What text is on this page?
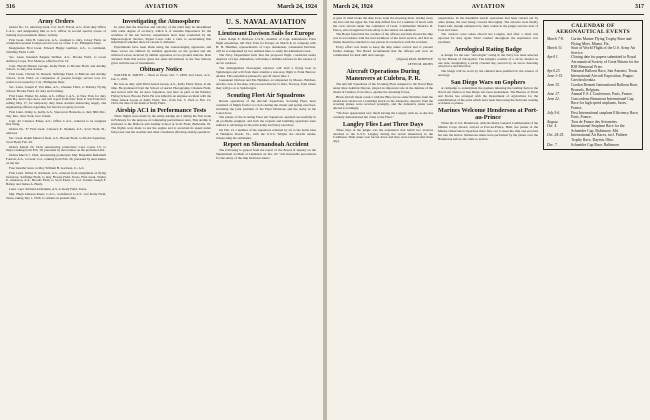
316	AVIATION	March 24, 1924
Army Orders

Orders No. 31, relieving Lieut. Col. Ira F. Fravel, A.S., from duty Office C.A.S., and designating him as A.S. officer in second special course of training in procurement duties, vicinity.

First Lieut. John B. Glascock, A.S., assigned to duty, Crissy Field, on completion present foreign service tour, by order, C.O., Philippine Dept.

Designation First Lieut. Edward Higley Guilbert, A.S., to command, Schilling Field, Calif.

Sec. Lieut. Kenneth Eugene Webber, A.S., Brooks Field, to Coast Artillery Corps, Fort Monroe, effective Feb. 19.

Capt. Harold Huston George, Kelly Field, to Brooks Field, and Airship School, to duty, that station.

First Lieut. Clinton W. Russell, Selfridge Field, to Balloon and Airship School, Scott Field, on completion of present foreign service tour, for orders to be issued by C.O., Philippine Dept.

Sec. Lieut. Joseph P. Van Dike, A.S., Chanute Field, to Primary Flying School, Brooks Field, for duty and training.

First Lieut. Walter M. Allen, A.S., Office C.A.S., to New York for duty with Hq. 2nd Corps Area, and will report from New York to San Francisco sailing May 17, for temporary duty these stations instructing supply and engineering officers regarding Air Service property records.

First Lieut. Odley G. Kelly, A.S., Vancouver Barracks, to duty 86th Div., Org. Res., New York, Gov. Island.

Capt. Ira Clarence Eaker, A.S., Office C.A.S., relieved to be assigned first Wing.

Orders No. 37 First Lieut. Clarence E. Shankle, A.S., Scott Field, Ill., relieved.

Sec. Lieut. Ralph Manicor Neal, A.S., Brooks Field, to 4th Air Squadron, Scott Field, Feb. 29.

Orders March 20, 1924, announcing promotion: Capt. Cyrus J.S. to major ranking from Feb. 19, preceded by next names on the promotion list.

Orders March 7, 1924, announcing promotion: Maj. Benjamin Dellashell Foulois, A.S., to Lieut. Col., ranking from Feb. 29, preceded by next names on the list.

Four months' leave to Maj. William H. Garrison, Jr., A.S.

First Lieut. Walter E. Richards, A.S., relieved from assignment as flying instructor, Selfridge Field, to duty Brooks Field, Texas. First Lieut. Walter E. Anderson, A.S., Brooks Field, to Scott Field, Lt. Col. Jerome Joseph F. Bailey, and James A. Healy.

Lieut. Capt. Richard Aldwinkle, A.S. to Kelly Field, Texas.

Maj. Hugh Johnson Knerr, C.A.C., transferred to A.S. vice Kelly Field, Texas, taking July 1, 1926, to remain on present duty.

Investigating the Atmosphere

In order that the direction and velocity of the wind may be determined with some degree of accuracy, which is of extreme importance for the activities of the Air Service, experiments have been conducted by the Meteorological Section, Signal Corps with a view to ascertaining this information whether there be clouds or darkness.

Experiments have been made using the sound-ranging apparatus, and these waves are emitted by suitable apparatus on the ground and the reflected waves received by similar apparatus at two ground stations. Data obtained from this source gives the same information as the free balloon gives with the use of instruments.

Obituary Notice

WALTER R. SMITH — Born in Texas, Oct. 7, 1890; 2nd Lieut., A.S., Jan. 5, 1918.

He was on duty with Third Attack Group, A.S., Kelly Field, Texas, at the time. He graduated from the School of Aerial Photography, Chanute Field, and served with the 1st Aero Squadron, and later as pilot at the Primary Flying School, Brooks Field. He was killed in an airplane accident with the Third Attack Group at Kelly Field, Tex., from Jan. 5, 1924 to Feb. 15, 1924, the date of his death at Kelly Field.

Airship AC1 in Performance Tests

Three flights were made by the Army Airship AC1 during the first week in February for the purpose of completing performance tests. This airship is stationed at the Balloon and Airship School at Scott Field, Belleville, Ill. The flights were made to test the engine and to ascertain its speed under full power and the weather and other conditions affecting airship operation.

U. S. NAVAL AVIATION
Lieutenant Davison Sails for Europe

Lieut. Ralph E. Davison, U.S.N., member of Capt. Amundsen's Polar flight expedition, left New York for Europe on March 8, in company with H. H. Hammer, representative of Capt. Amundsen. Lieutenant Davison, will be accompanied by two enlisted men, to study the Amundsen route.

The Navy Department feels that the proposed flight, conducted under auspices of Capt. Amundsen, will make a definite advance in the science of Arctic aviation.

The distinguished Norwegian explorer will land a flying boat in Spitsbergen and will from there attempt a non-stop flight to Point Barrow, Alaska. This expedition planned to get off about June 1.

Lieutenant Davison and Mr. Hammer, accompanied by Messrs. Balchen, and the crew of the ship, will proceed directly to Oslo, Norway, from where they will go on to Spitsbergen.

Scouting Fleet Air Squadrons

Recent operations of the Aircraft Squadrons, Scouting Fleet, have consisted of flights from Coco Solo during the winter and spring exercises, including the joint problem of the Fleet Divisions and the Army in the Canal Zone.

The planes of the Scouting Fleet Air Squadrons operated successfully in all problems assigned, and both the torpedo and bombing squadrons were utilized to advantage in the joint Army and Navy exercises.

On Feb. 21 a number of the squadrons returned by air to the home base at Hampton Roads, Va., with the U.S.S. Wright, the aircraft tender, transporting the remainder.

Report on Shenandoah Accident

The following is quoted from the report of the Board of Inquiry on the Shenandoah accident at Lakehurst on Jan. 16: "All reasonable precautions for the safety of the ship had been taken."

March 24, 1924	AVIATION	317

A gust of wind broke the ship loose from the mooring mast, tearing away the bow and the upper fin. The ship drifted free for a number of hours with the crew aboard under the command of Lieut. Commander Maurice R. Pierce, who brought her back safely to the station at Lakehurst.

The Board found that the conduct of the officers and men aboard the ship was in accordance with the best traditions of the naval service, and that no blame should be attached to any person in connection with the accident.

Every effort was made to keep the ship under control and to prevent further damage. The Board recommends that the officers and crew be commended for their skill and courage.

(Signed) PAUL PATIENCE

LEVIN M. OKINS

Aircraft Operations During Maneuvers at Culebra, P. R.

The Aircraft Squadrons of the Scouting Fleet assigned to the Naval Base under Rear Admiral Dayton, played an important role in the defense of the island of Culebra, Porto Rico, against the attacking forces.

Black aircraft made contact with the Blue forces some 90 miles from the island and carried out a bombing attack on the transports. Reports from the scouting planes were received promptly, and the defensive plans were altered accordingly.

"We have appreciated very much having the Langley with us, as she has certainly demonstrated her value to the Fleet."

Langley Flies Last Three Days

Three days in the jungle was the experience that befell two aviators attached to the U.S.S. Langley during the recent maneuvers in the Caribbean. Their plane was forced down and they were rescued after three days.

experiences. In the meantime search operations had been carried out by other planes, the area being covered thoroughly. The aviators were finally found safe, though exhausted by their ordeal in the jungle and the lack of food and water.

The aviators were taken aboard the Langley and after a short rest reported for duty again. Their conduct throughout the experience was excellent.

Aerological Rating Badge

A design for the new "Aerologist" rating in the Navy has been selected by the Bureau of Navigation. The insignia consists of a circle, shaded on one side, designating a partly clouded sky, pierced by an arrow denoting wind force and direction.

The badge will be worn by the enlisted men qualified in the science of aerology.

San Diego Wars on Gophers

A campaign to exterminate the gophers infesting the landing field at the Naval Air Station at San Diego has been undertaken. The Bureau of Yards and Docks has arranged with the Department of Agriculture for the extermination of the pests which have been burrowing the field and causing accidents to planes.

Marines Welcome Henderson at Port-au-Prince

When the U.S.S. Henderson, with the Major General Commandant of the Marine Corps aboard, arrived at Port-au-Prince, Haiti, the planes of the Marine Observation Squadron there flew out to meet the ship and escorted her into the harbor. Numerous stunts were performed by the planes over the Henderson before she came to anchor.

CALENDAR OF AERONAUTICAL EVENTS
March 7-8.	Curtiss Marine Flying Trophy Race and Flying Meet, Miami, Fla.
March 31.	Start of World Flight of the U.S. Army Air Service.
April 1.	Closing date for papers submitted to Royal Aeronautical Society of Great Britain for the R38 Memorial Prize.
April 23.	National Balloon Race, San Antonio, Texas.
June 1-15.	International Aircraft Exposition, Prague, Czechoslovakia.
June 15.	Gordon Bennett International Balloon Race, Brussels, Belgium.
June 17.	Annual F.A.I. Conference, Paris, France.
June 22.	Concordeau Beaumont International Cup Race for high speed airplanes, Istres, France.
July 5-6.	First International seaplane Efficiency Race, Paris, France.
August.	Tour de France des Avionettes.
Oct. 4.	International Seaplane Race for the Schneider Cup, Baltimore, Md.
Oct. 24-25.	International Air Races, incl. Pulitzer Trophy Race, Dayton, Ohio.
Dec. 7.	Schneider Cup Race, Baltimore.
